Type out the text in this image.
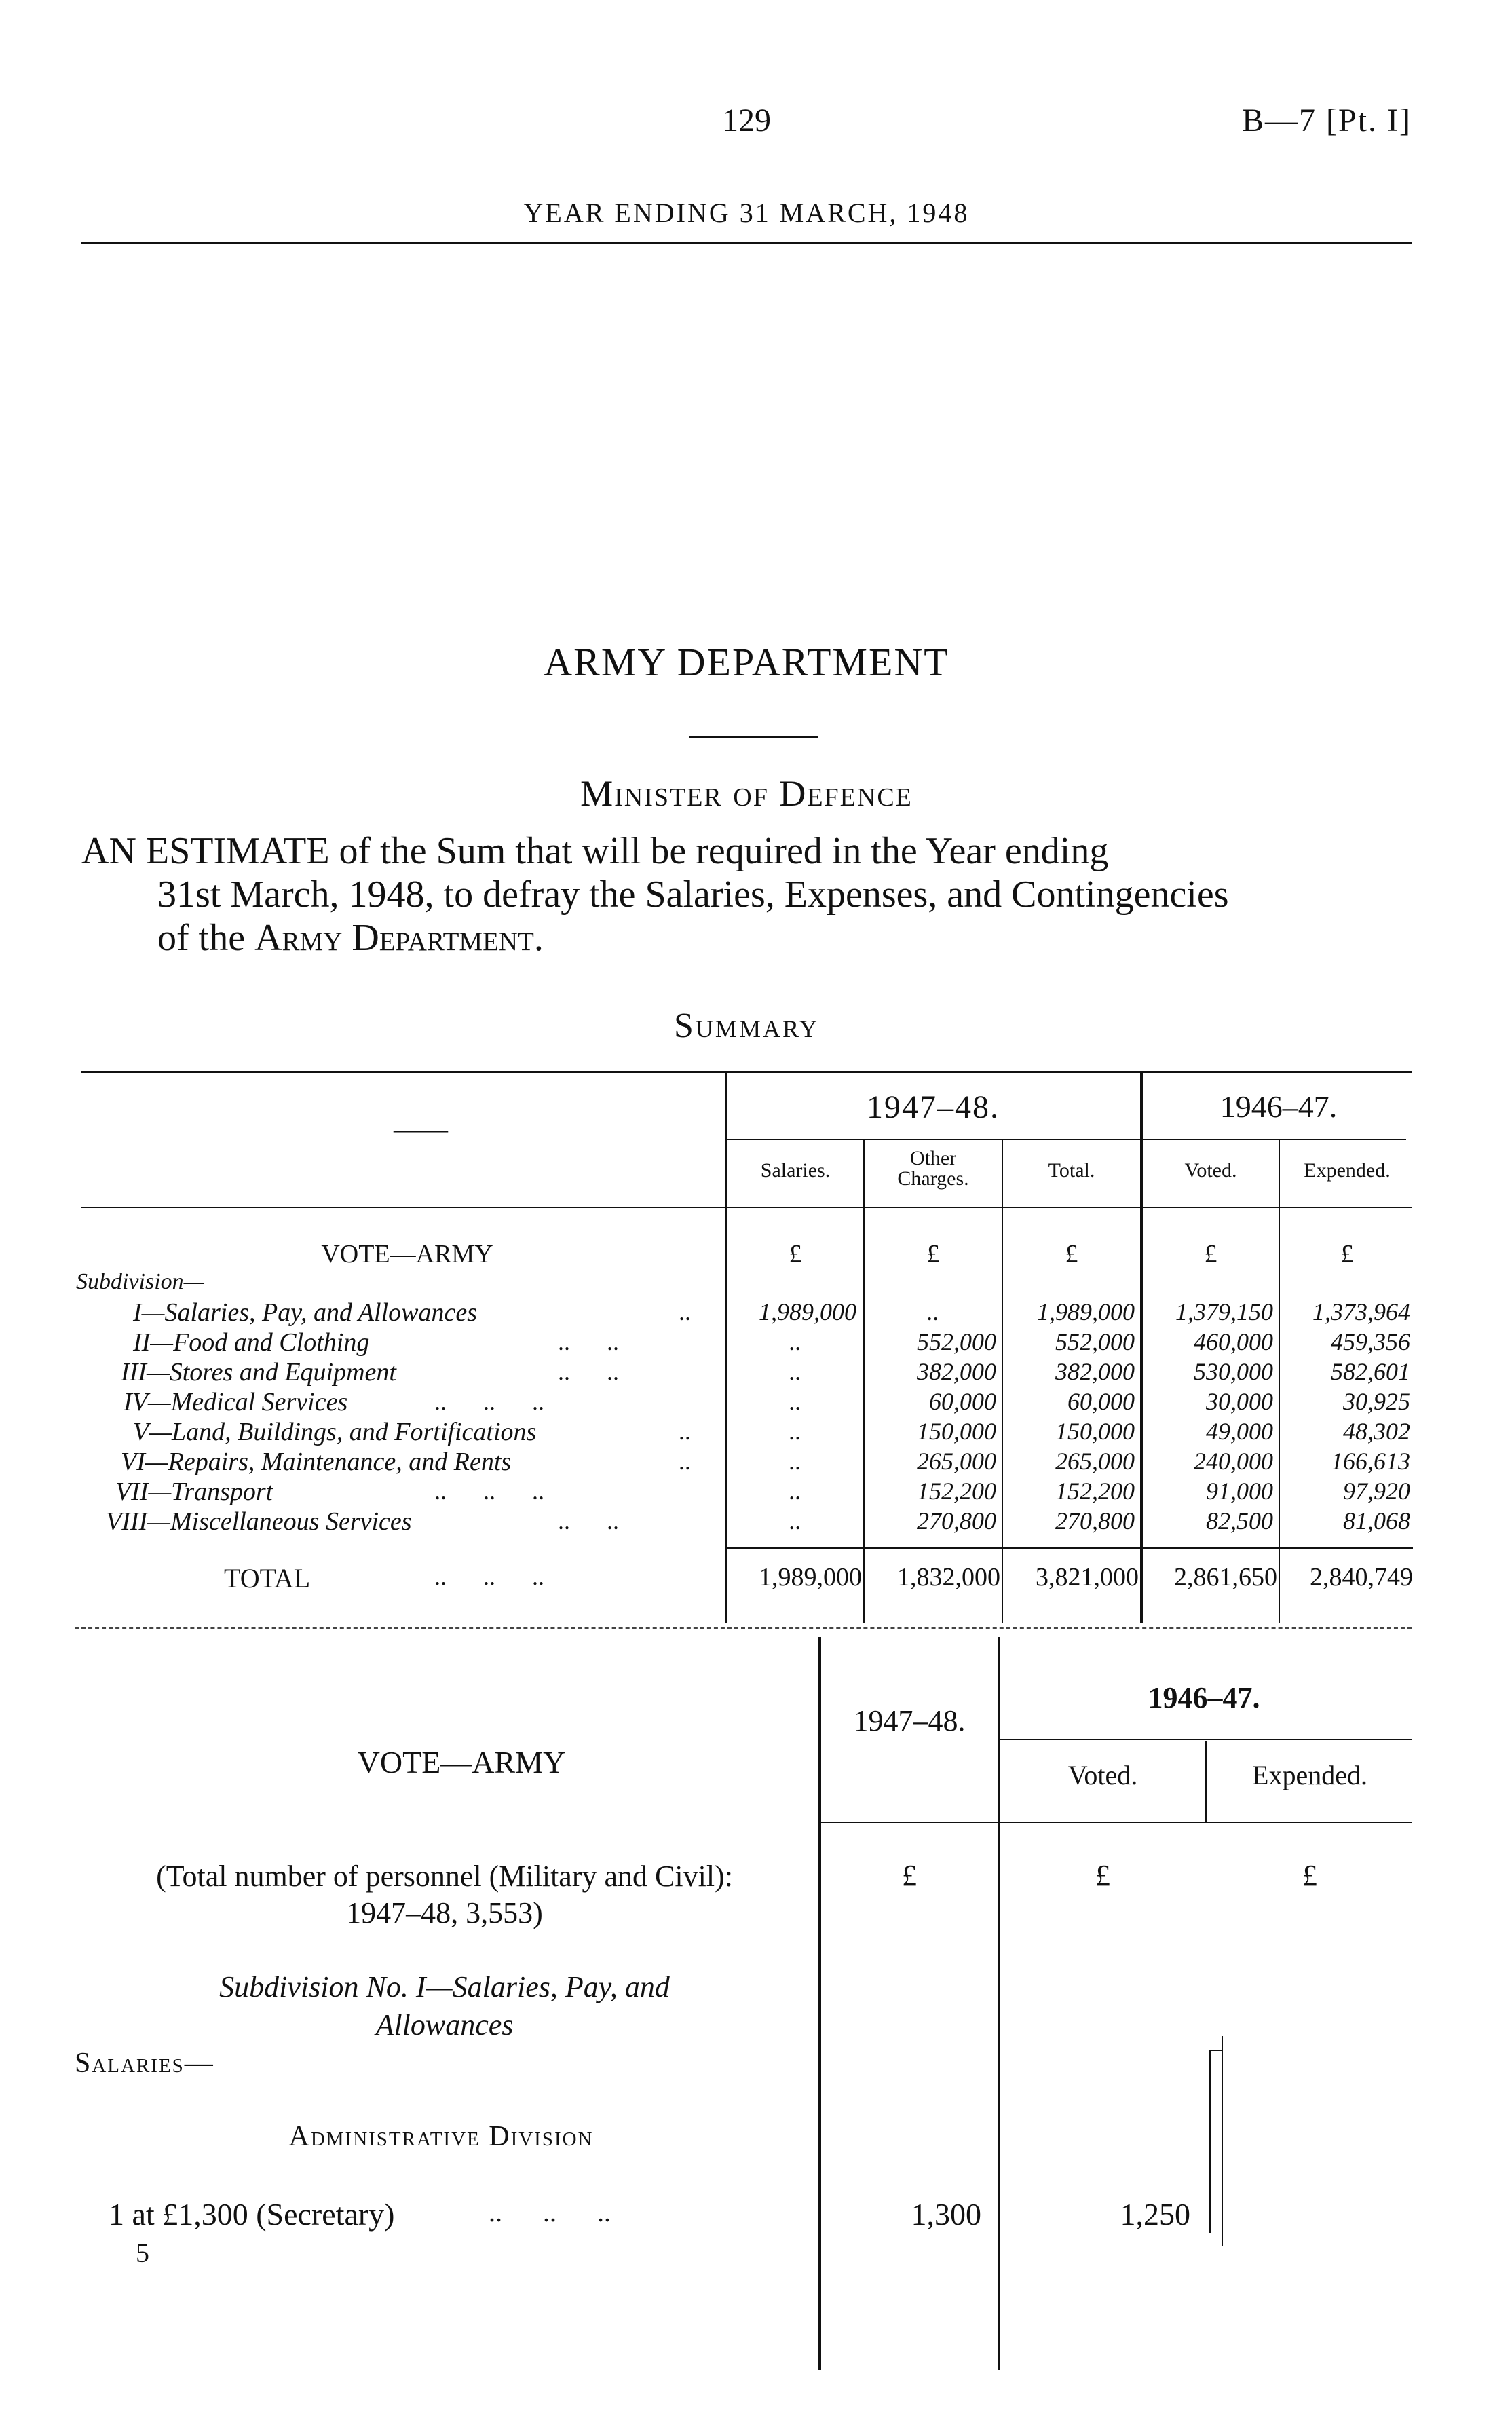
129	B—7 [Pt. I]
YEAR ENDING 31 MARCH, 1948
ARMY DEPARTMENT
Minister of Defence
AN ESTIMATE of the Sum that will be required in the Year ending
31st March, 1948, to defray the Salaries, Expenses, and Contingencies
of the Army Department.
Summary
——
1947–48.	1946–47.
Salaries.
Other
Charges.	Total.	Voted.	Expended.
VOTE—ARMY	£	£	£	£	£
Subdivision—
I—Salaries, Pay, and Allowances	..	1,989,000	..	1,989,000	1,379,150	1,373,964
II—Food and Clothing	..      ..	..	552,000	552,000	460,000	459,356
III—Stores and Equipment	..      ..	..	382,000	382,000	530,000	582,601
IV—Medical Services	..      ..      ..	..	60,000	60,000	30,000	30,925
V—Land, Buildings, and Fortifications	..	..	150,000	150,000	49,000	48,302
VI—Repairs, Maintenance, and Rents	..	..	265,000	265,000	240,000	166,613
VII—Transport	..      ..      ..	..	152,200	152,200	91,000	97,920
VIII—Miscellaneous Services	..      ..	..	270,800	270,800	82,500	81,068
TOTAL	..      ..      ..	1,989,000	1,832,000	3,821,000	2,861,650	2,840,749
1947–48.
1946–47.
Voted.	Expended.
VOTE—ARMY
£	£	£
(Total number of personnel (Military and Civil):
1947–48, 3,553)
Subdivision No. I—Salaries, Pay, and
Allowances
Salaries—
Administrative Division
1 at £1,300 (Secretary)	..      ..      ..	1,300	1,250
5
